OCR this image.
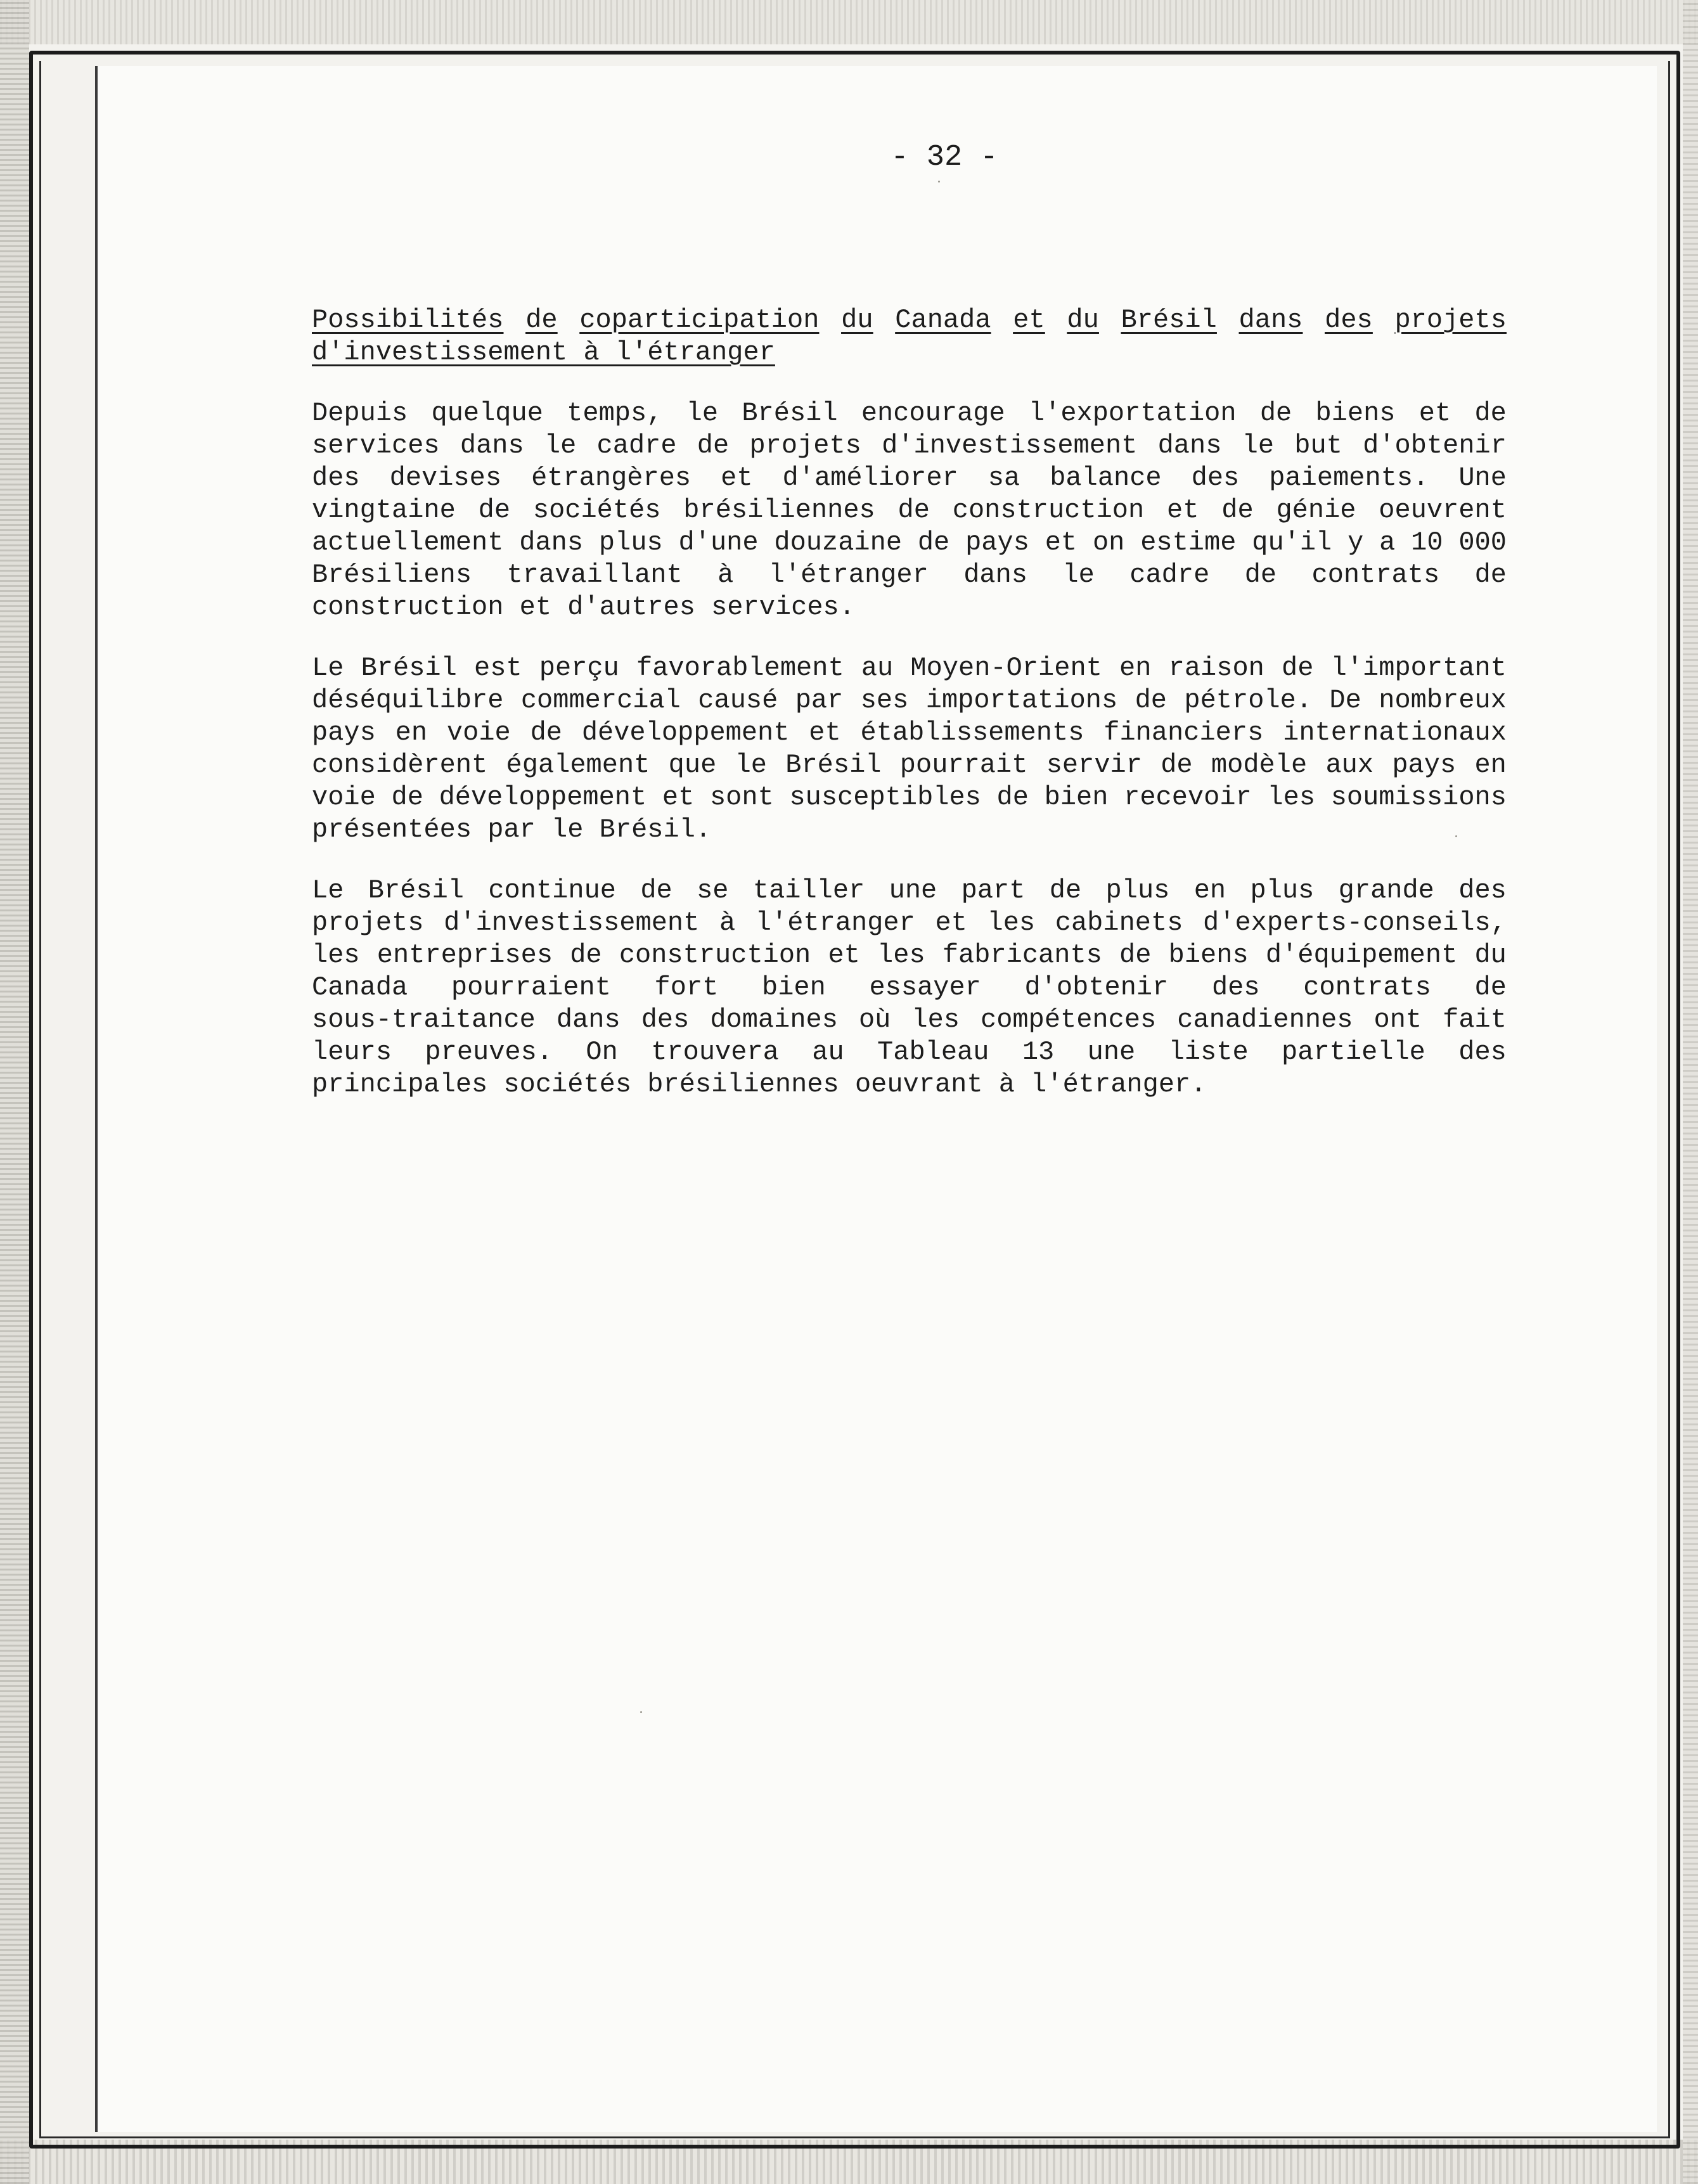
- 32 -
Possibilités de coparticipation du Canada et du Brésil dans des projets
d'investissement à l'étranger
Depuis quelque temps, le Brésil encourage l'exportation de biens et de
services dans le cadre de projets d'investissement dans le but d'obtenir
des devises étrangères et d'améliorer sa balance des paiements. Une
vingtaine de sociétés brésiliennes de construction et de génie oeuvrent
actuellement dans plus d'une douzaine de pays et on estime qu'il y a 10 000
Brésiliens travaillant à l'étranger dans le cadre de contrats de
construction et d'autres services.
Le Brésil est perçu favorablement au Moyen-Orient en raison de l'important
déséquilibre commercial causé par ses importations de pétrole. De nombreux
pays en voie de développement et établissements financiers internationaux
considèrent également que le Brésil pourrait servir de modèle aux pays en
voie de développement et sont susceptibles de bien recevoir les soumissions
présentées par le Brésil.
Le Brésil continue de se tailler une part de plus en plus grande des
projets d'investissement à l'étranger et les cabinets d'experts-conseils,
les entreprises de construction et les fabricants de biens d'équipement du
Canada pourraient fort bien essayer d'obtenir des contrats de
sous-traitance dans des domaines où les compétences canadiennes ont fait
leurs preuves. On trouvera au Tableau 13 une liste partielle des
principales sociétés brésiliennes oeuvrant à l'étranger.
